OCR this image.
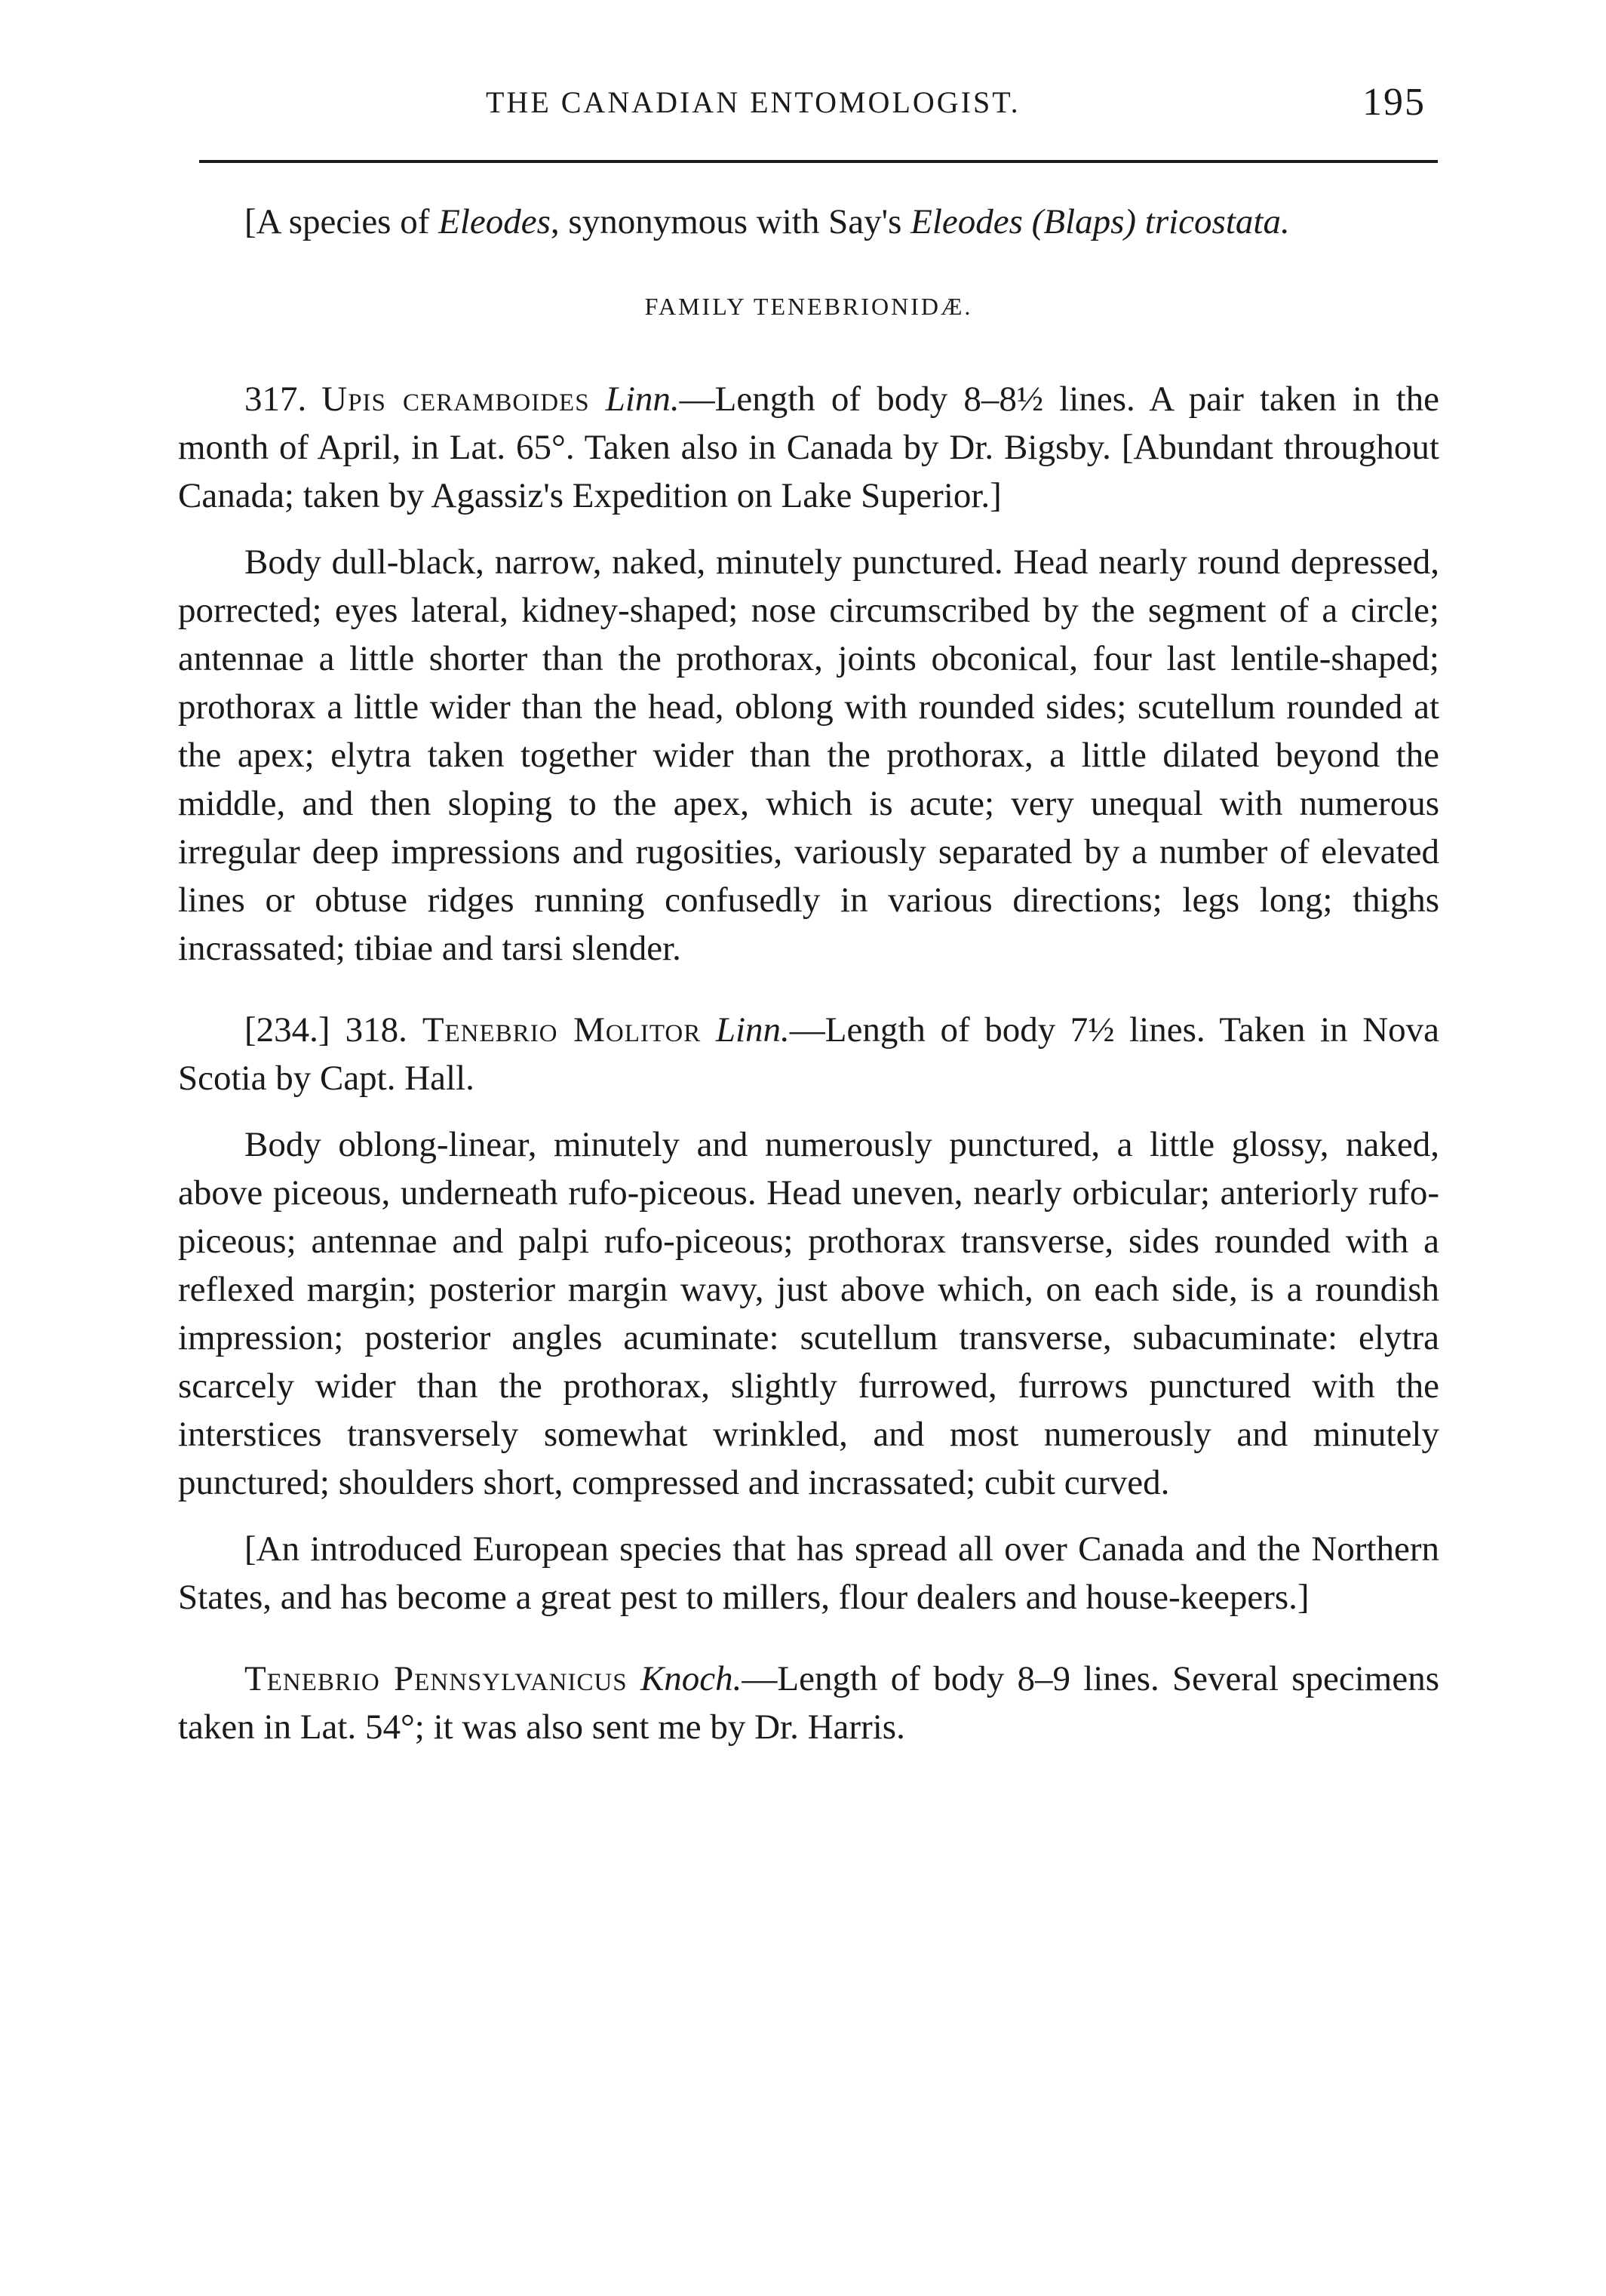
THE CANADIAN ENTOMOLOGIST.	195

[A species of Eleodes, synonymous with Say's Eleodes (Blaps) tricostata.

FAMILY TENEBRIONIDÆ.

317. Upis ceramboides Linn.—Length of body 8–8½ lines. A pair taken in the month of April, in Lat. 65°. Taken also in Canada by Dr. Bigsby. [Abundant throughout Canada; taken by Agassiz's Expedition on Lake Superior.]

Body dull-black, narrow, naked, minutely punctured. Head nearly round depressed, porrected; eyes lateral, kidney-shaped; nose circumscribed by the segment of a circle; antennae a little shorter than the prothorax, joints obconical, four last lentile-shaped; prothorax a little wider than the head, oblong with rounded sides; scutellum rounded at the apex; elytra taken together wider than the prothorax, a little dilated beyond the middle, and then sloping to the apex, which is acute; very unequal with numerous irregular deep impressions and rugosities, variously separated by a number of elevated lines or obtuse ridges running confusedly in various directions; legs long; thighs incrassated; tibiae and tarsi slender.

[234.] 318. Tenebrio Molitor Linn.—Length of body 7½ lines. Taken in Nova Scotia by Capt. Hall.

Body oblong-linear, minutely and numerously punctured, a little glossy, naked, above piceous, underneath rufo-piceous. Head uneven, nearly orbicular; anteriorly rufo-piceous; antennae and palpi rufo-piceous; prothorax transverse, sides rounded with a reflexed margin; posterior margin wavy, just above which, on each side, is a roundish impression; posterior angles acuminate: scutellum transverse, subacuminate: elytra scarcely wider than the prothorax, slightly furrowed, furrows punctured with the interstices transversely somewhat wrinkled, and most numerously and minutely punctured; shoulders short, compressed and incrassated; cubit curved.

[An introduced European species that has spread all over Canada and the Northern States, and has become a great pest to millers, flour dealers and house-keepers.]

Tenebrio Pennsylvanicus Knoch.—Length of body 8–9 lines. Several specimens taken in Lat. 54°; it was also sent me by Dr. Harris.
